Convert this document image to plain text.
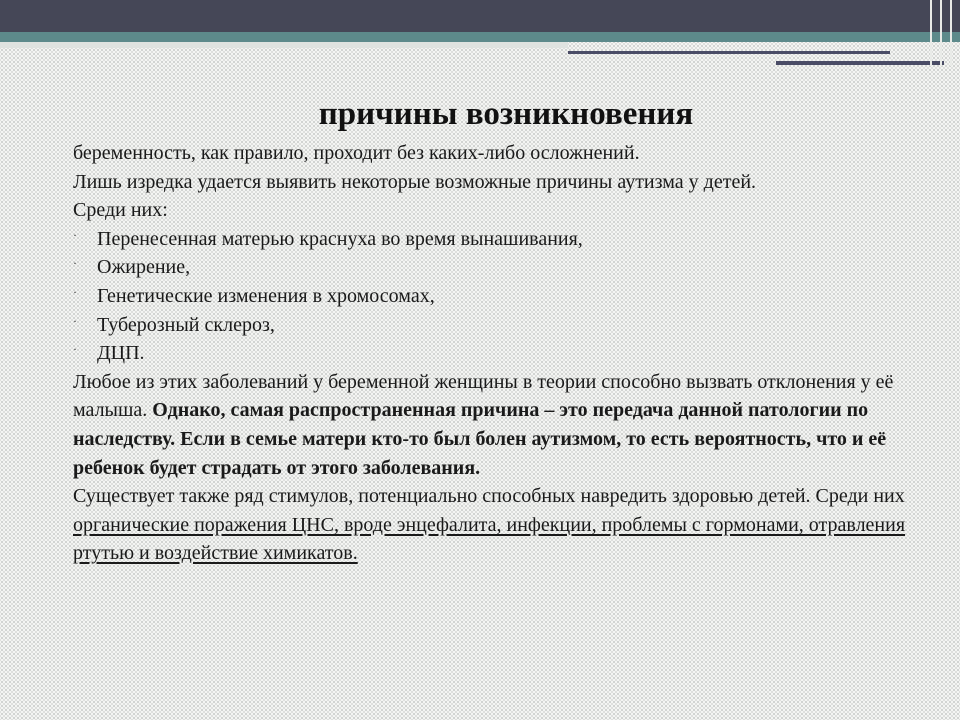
причины возникновения

беременность, как правило, проходит без каких-либо осложнений.

Лишь изредка удается выявить некоторые возможные причины аутизма у детей.

Среди них:

· Перенесенная матерью краснуха во время вынашивания,
· Ожирение,
· Генетические изменения в хромосомах,
· Туберозный склероз,
· ДЦП.

Любое из этих заболеваний у беременной женщины в теории способно вызвать отклонения у её малыша. Однако, самая распространенная причина – это передача данной патологии по наследству. Если в семье матери кто-то был болен аутизмом, то есть вероятность, что и её ребенок будет страдать от этого заболевания.

Существует также ряд стимулов, потенциально способных навредить здоровью детей. Среди них органические поражения ЦНС, вроде энцефалита, инфекции, проблемы с гормонами, отравления ртутью и воздействие химикатов.
